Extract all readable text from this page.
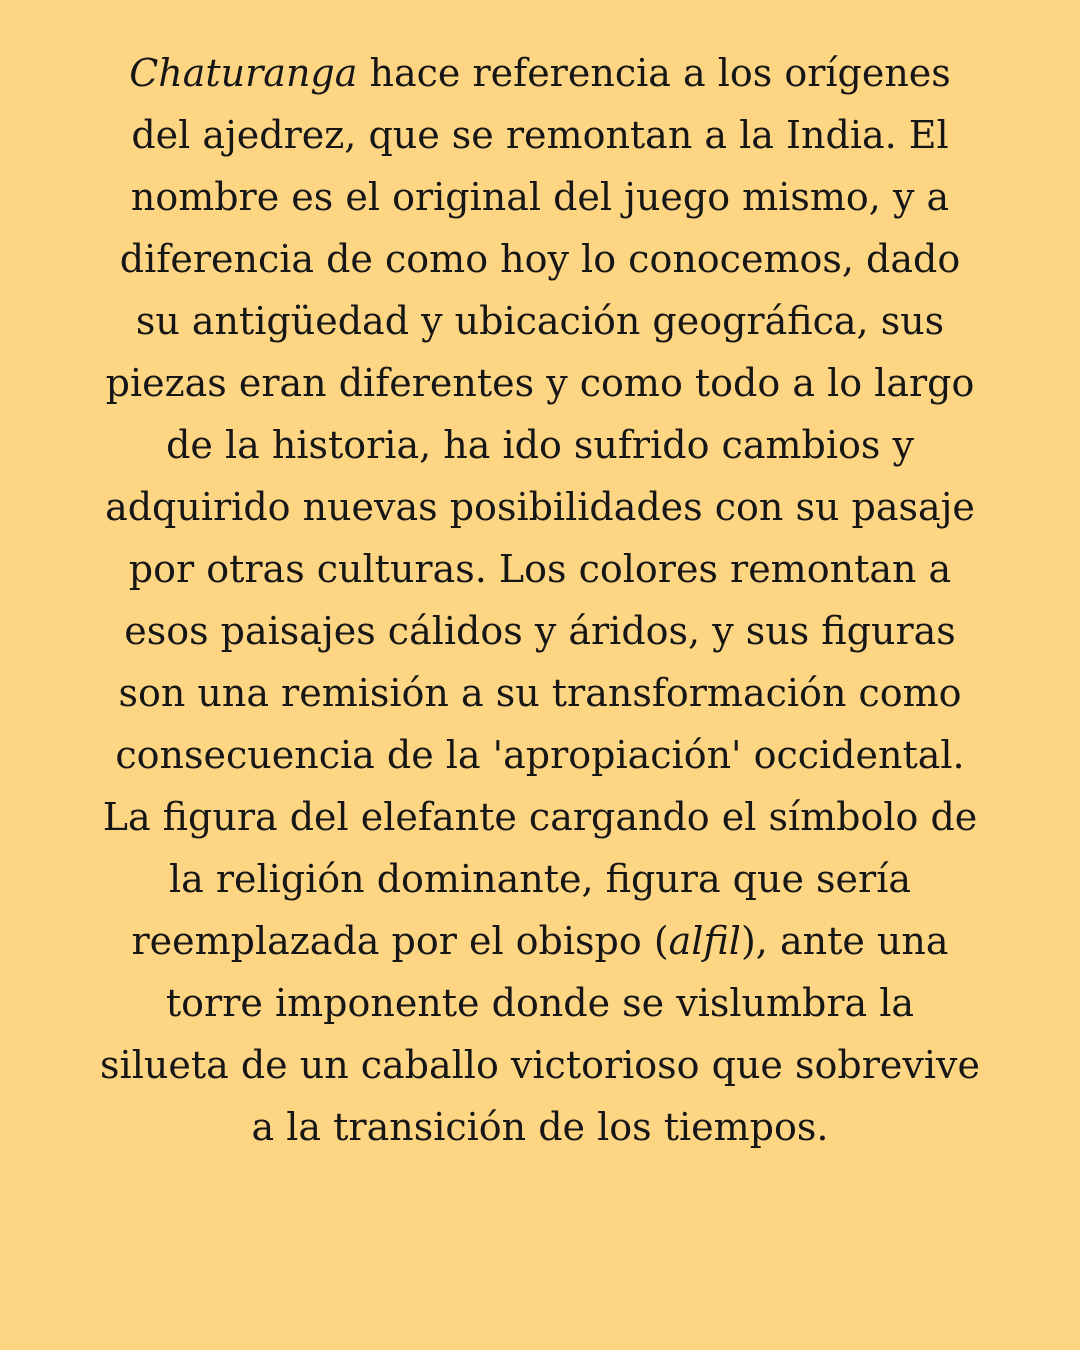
Chaturanga hace referencia a los orígenes
del ajedrez, que se remontan a la India. El
nombre es el original del juego mismo, y a
diferencia de como hoy lo conocemos, dado
su antigüedad y ubicación geográfica, sus
piezas eran diferentes y como todo a lo largo
de la historia, ha ido sufrido cambios y
adquirido nuevas posibilidades con su pasaje
por otras culturas. Los colores remontan a
esos paisajes cálidos y áridos, y sus figuras
son una remisión a su transformación como
consecuencia de la 'apropiación' occidental.
La figura del elefante cargando el símbolo de
la religión dominante, figura que sería
reemplazada por el obispo (alfil), ante una
torre imponente donde se vislumbra la
silueta de un caballo victorioso que sobrevive
a la transición de los tiempos.
